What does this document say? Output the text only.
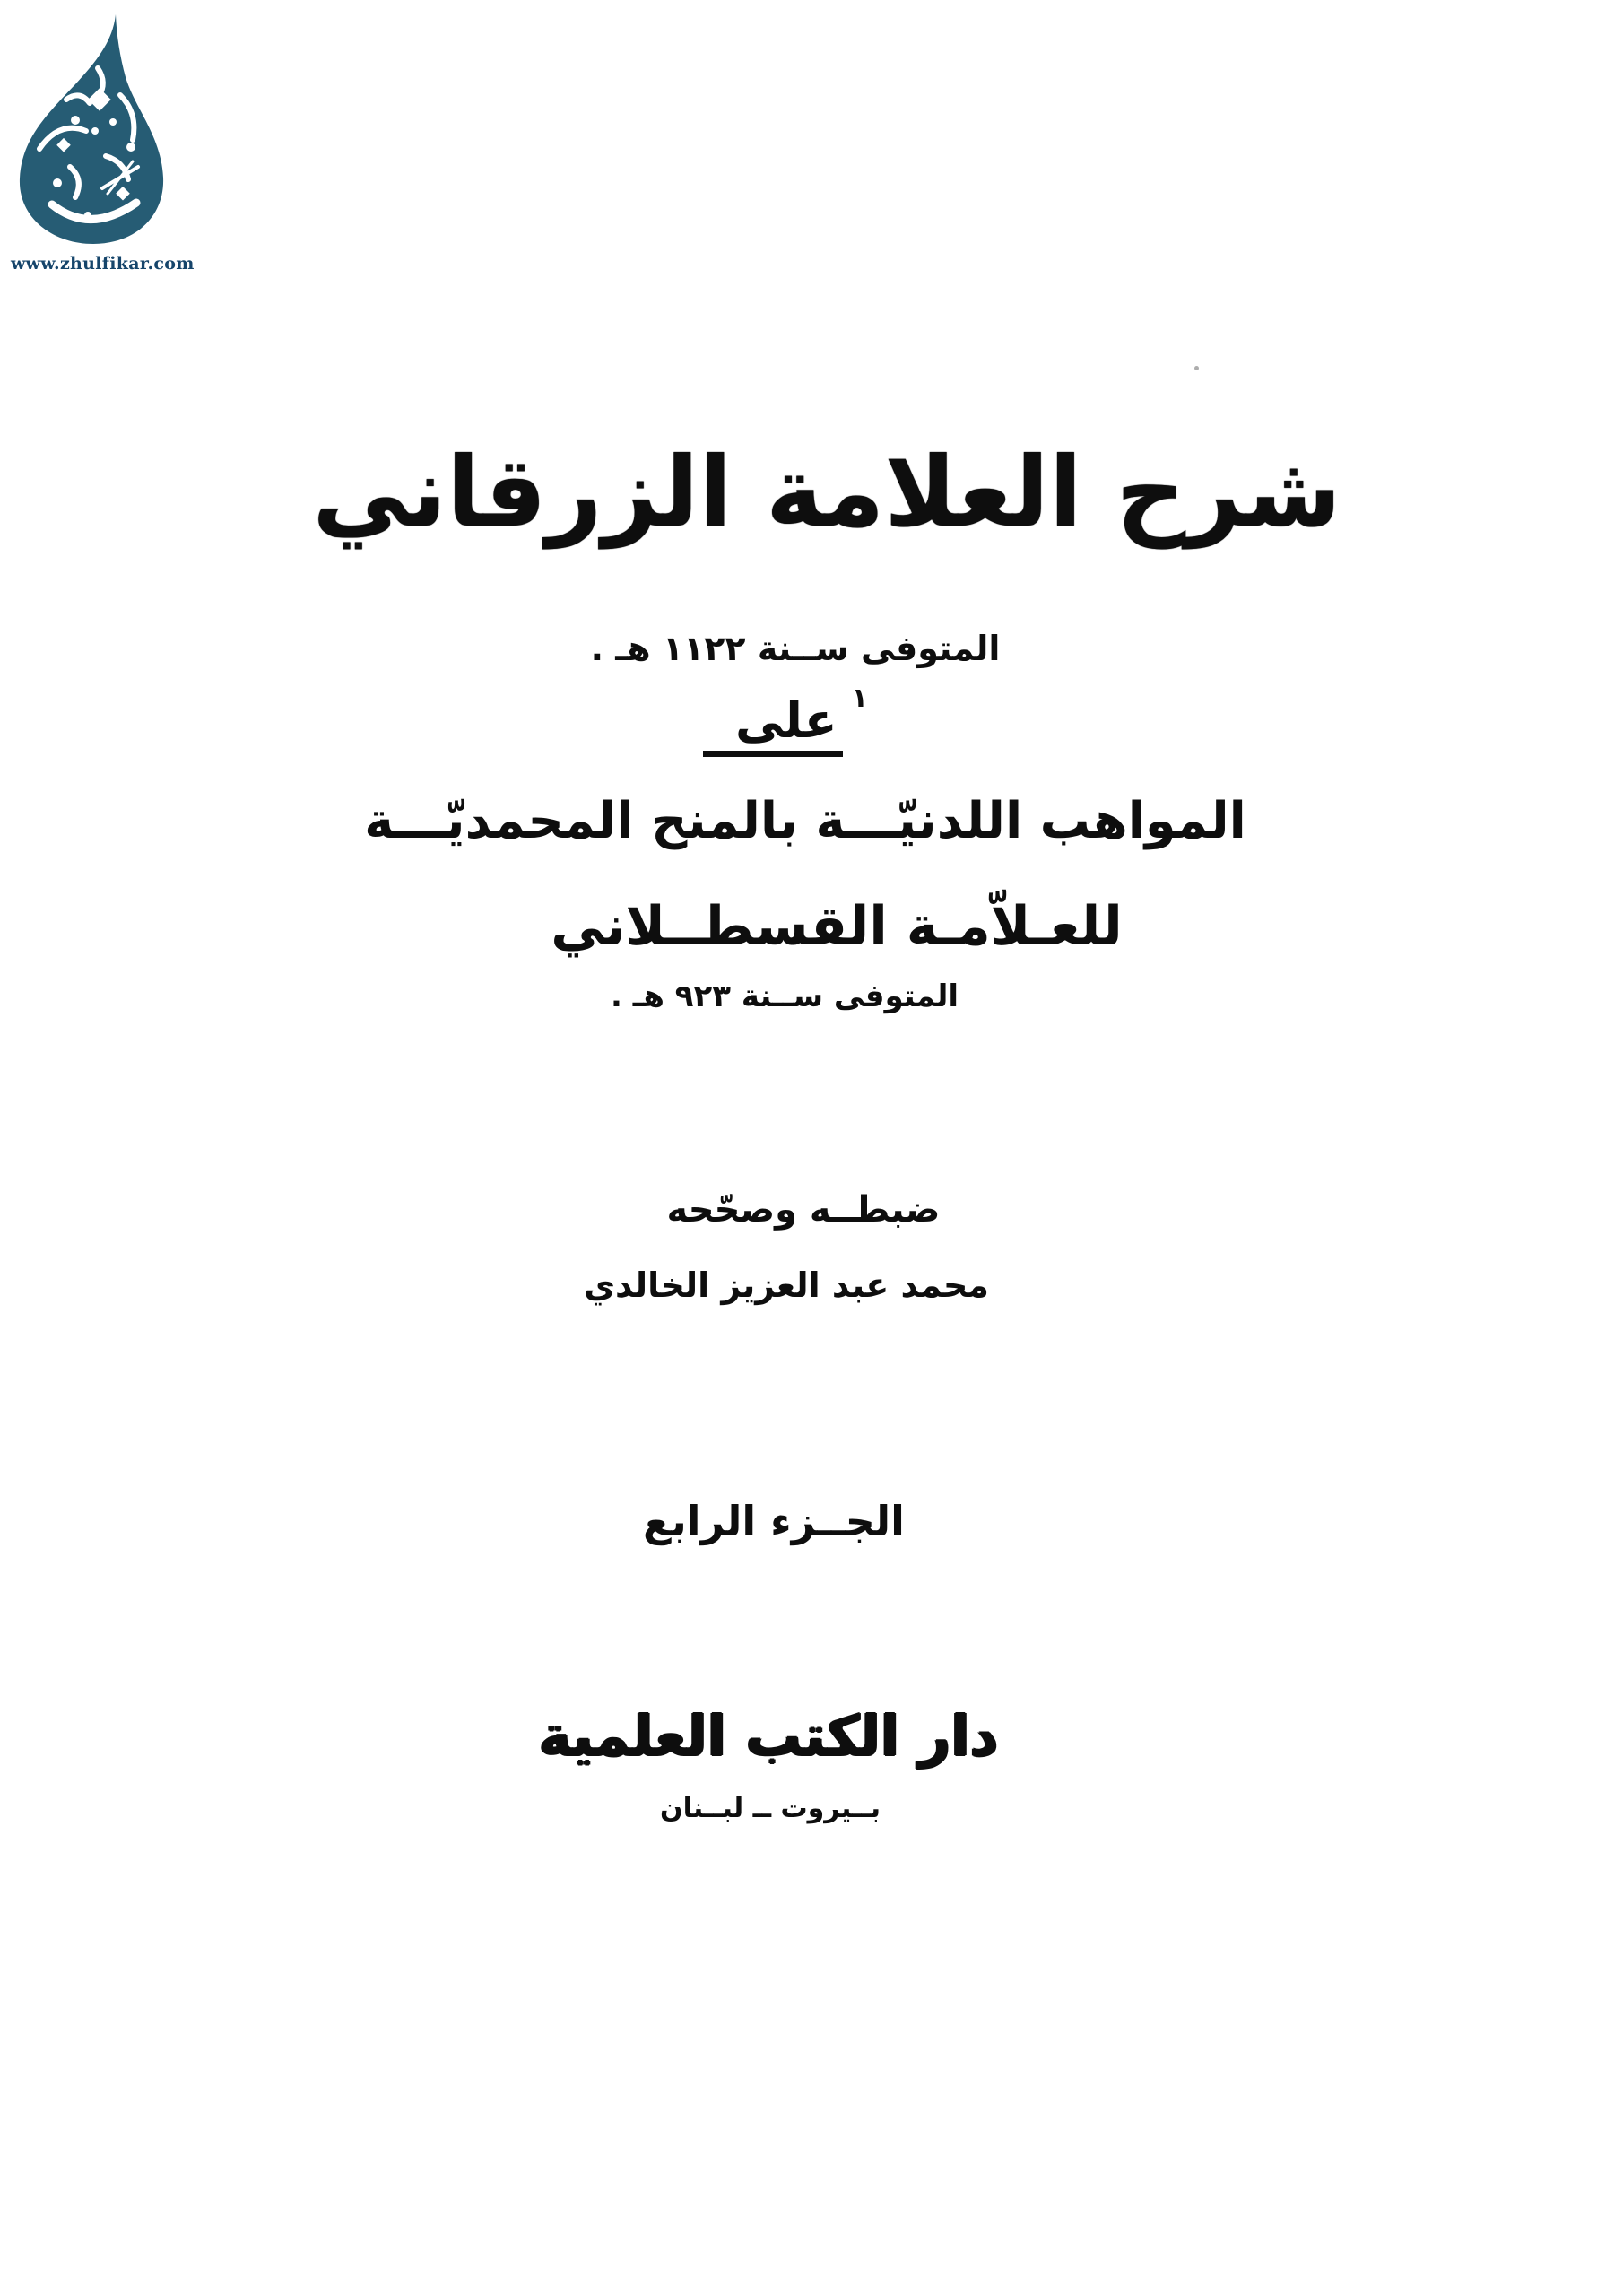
www.zhulfikar.com
شرح العلامة الزرقاني
المتوفى ســنة ١١٢٢ هـ .
$^١$على
المواهب اللدنيّـــة بالمنح المحمديّـــة
للعـلاّمـة القسطــلاني
المتوفى ســنة ٩٢٣ هـ .
ضبطــه وصحّحه
محمد عبد العزيز الخالدي
الجــزء الرابع
دار الكتب العلمية
بــيروت ــ لبــنان
